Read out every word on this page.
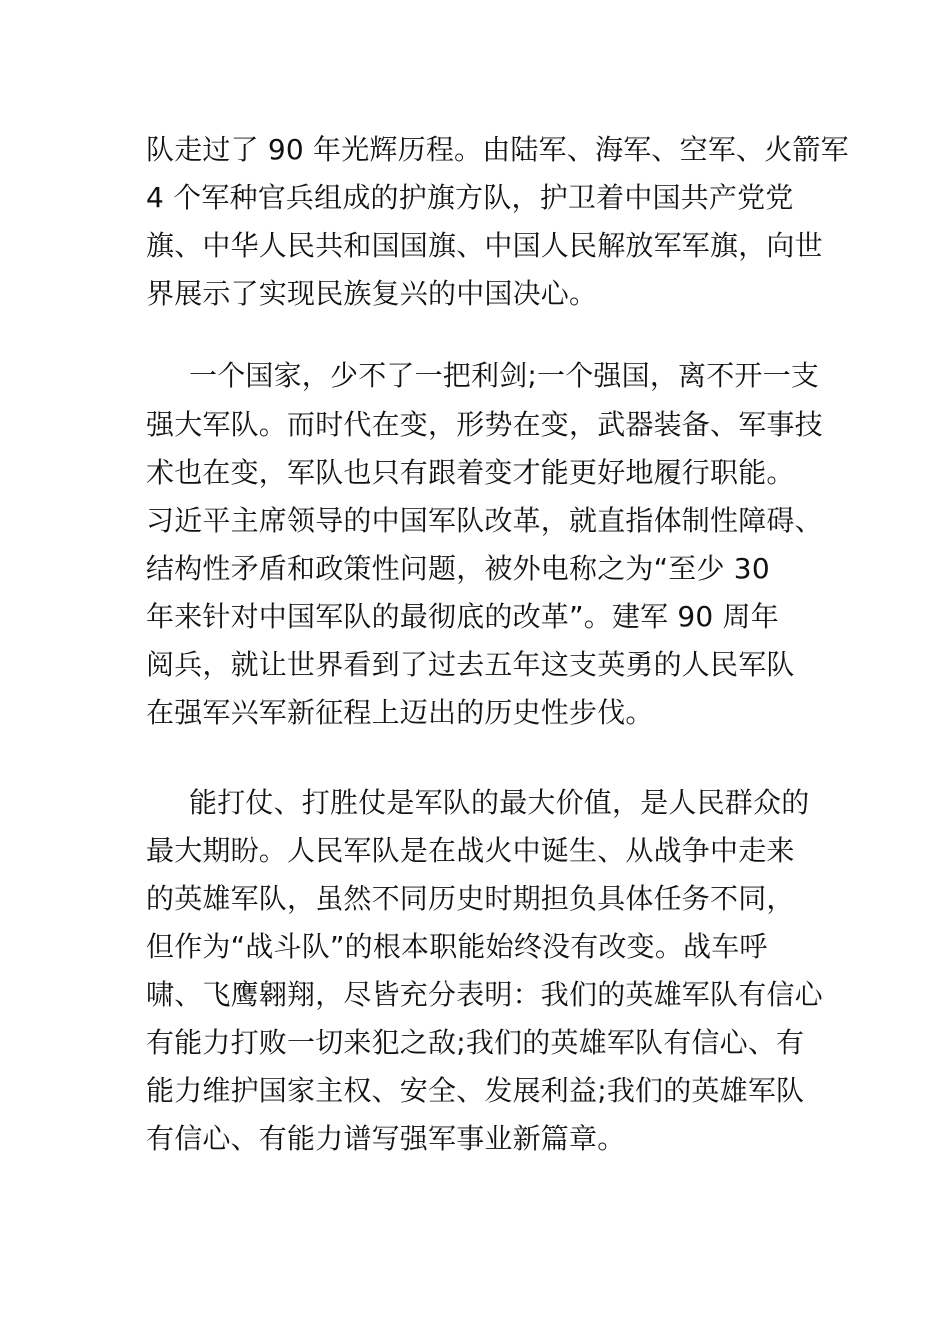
队走过了 90 年光辉历程。由陆军、海军、空军、火箭军
4 个军种官兵组成的护旗方队，护卫着中国共产党党
旗、中华人民共和国国旗、中国人民解放军军旗，向世
界展示了实现民族复兴的中国决心。
一个国家，少不了一把利剑;一个强国，离不开一支
强大军队。而时代在变，形势在变，武器装备、军事技
术也在变，军队也只有跟着变才能更好地履行职能。
习近平主席领导的中国军队改革，就直指体制性障碍、
结构性矛盾和政策性问题，被外电称之为“至少 30
年来针对中国军队的最彻底的改革”。建军 90 周年
阅兵，就让世界看到了过去五年这支英勇的人民军队
在强军兴军新征程上迈出的历史性步伐。
能打仗、打胜仗是军队的最大价值，是人民群众的
最大期盼。人民军队是在战火中诞生、从战争中走来
的英雄军队，虽然不同历史时期担负具体任务不同，
但作为“战斗队”的根本职能始终没有改变。战车呼
啸、飞鹰翱翔，尽皆充分表明：我们的英雄军队有信心
有能力打败一切来犯之敌;我们的英雄军队有信心、有
能力维护国家主权、安全、发展利益;我们的英雄军队
有信心、有能力谱写强军事业新篇章。
